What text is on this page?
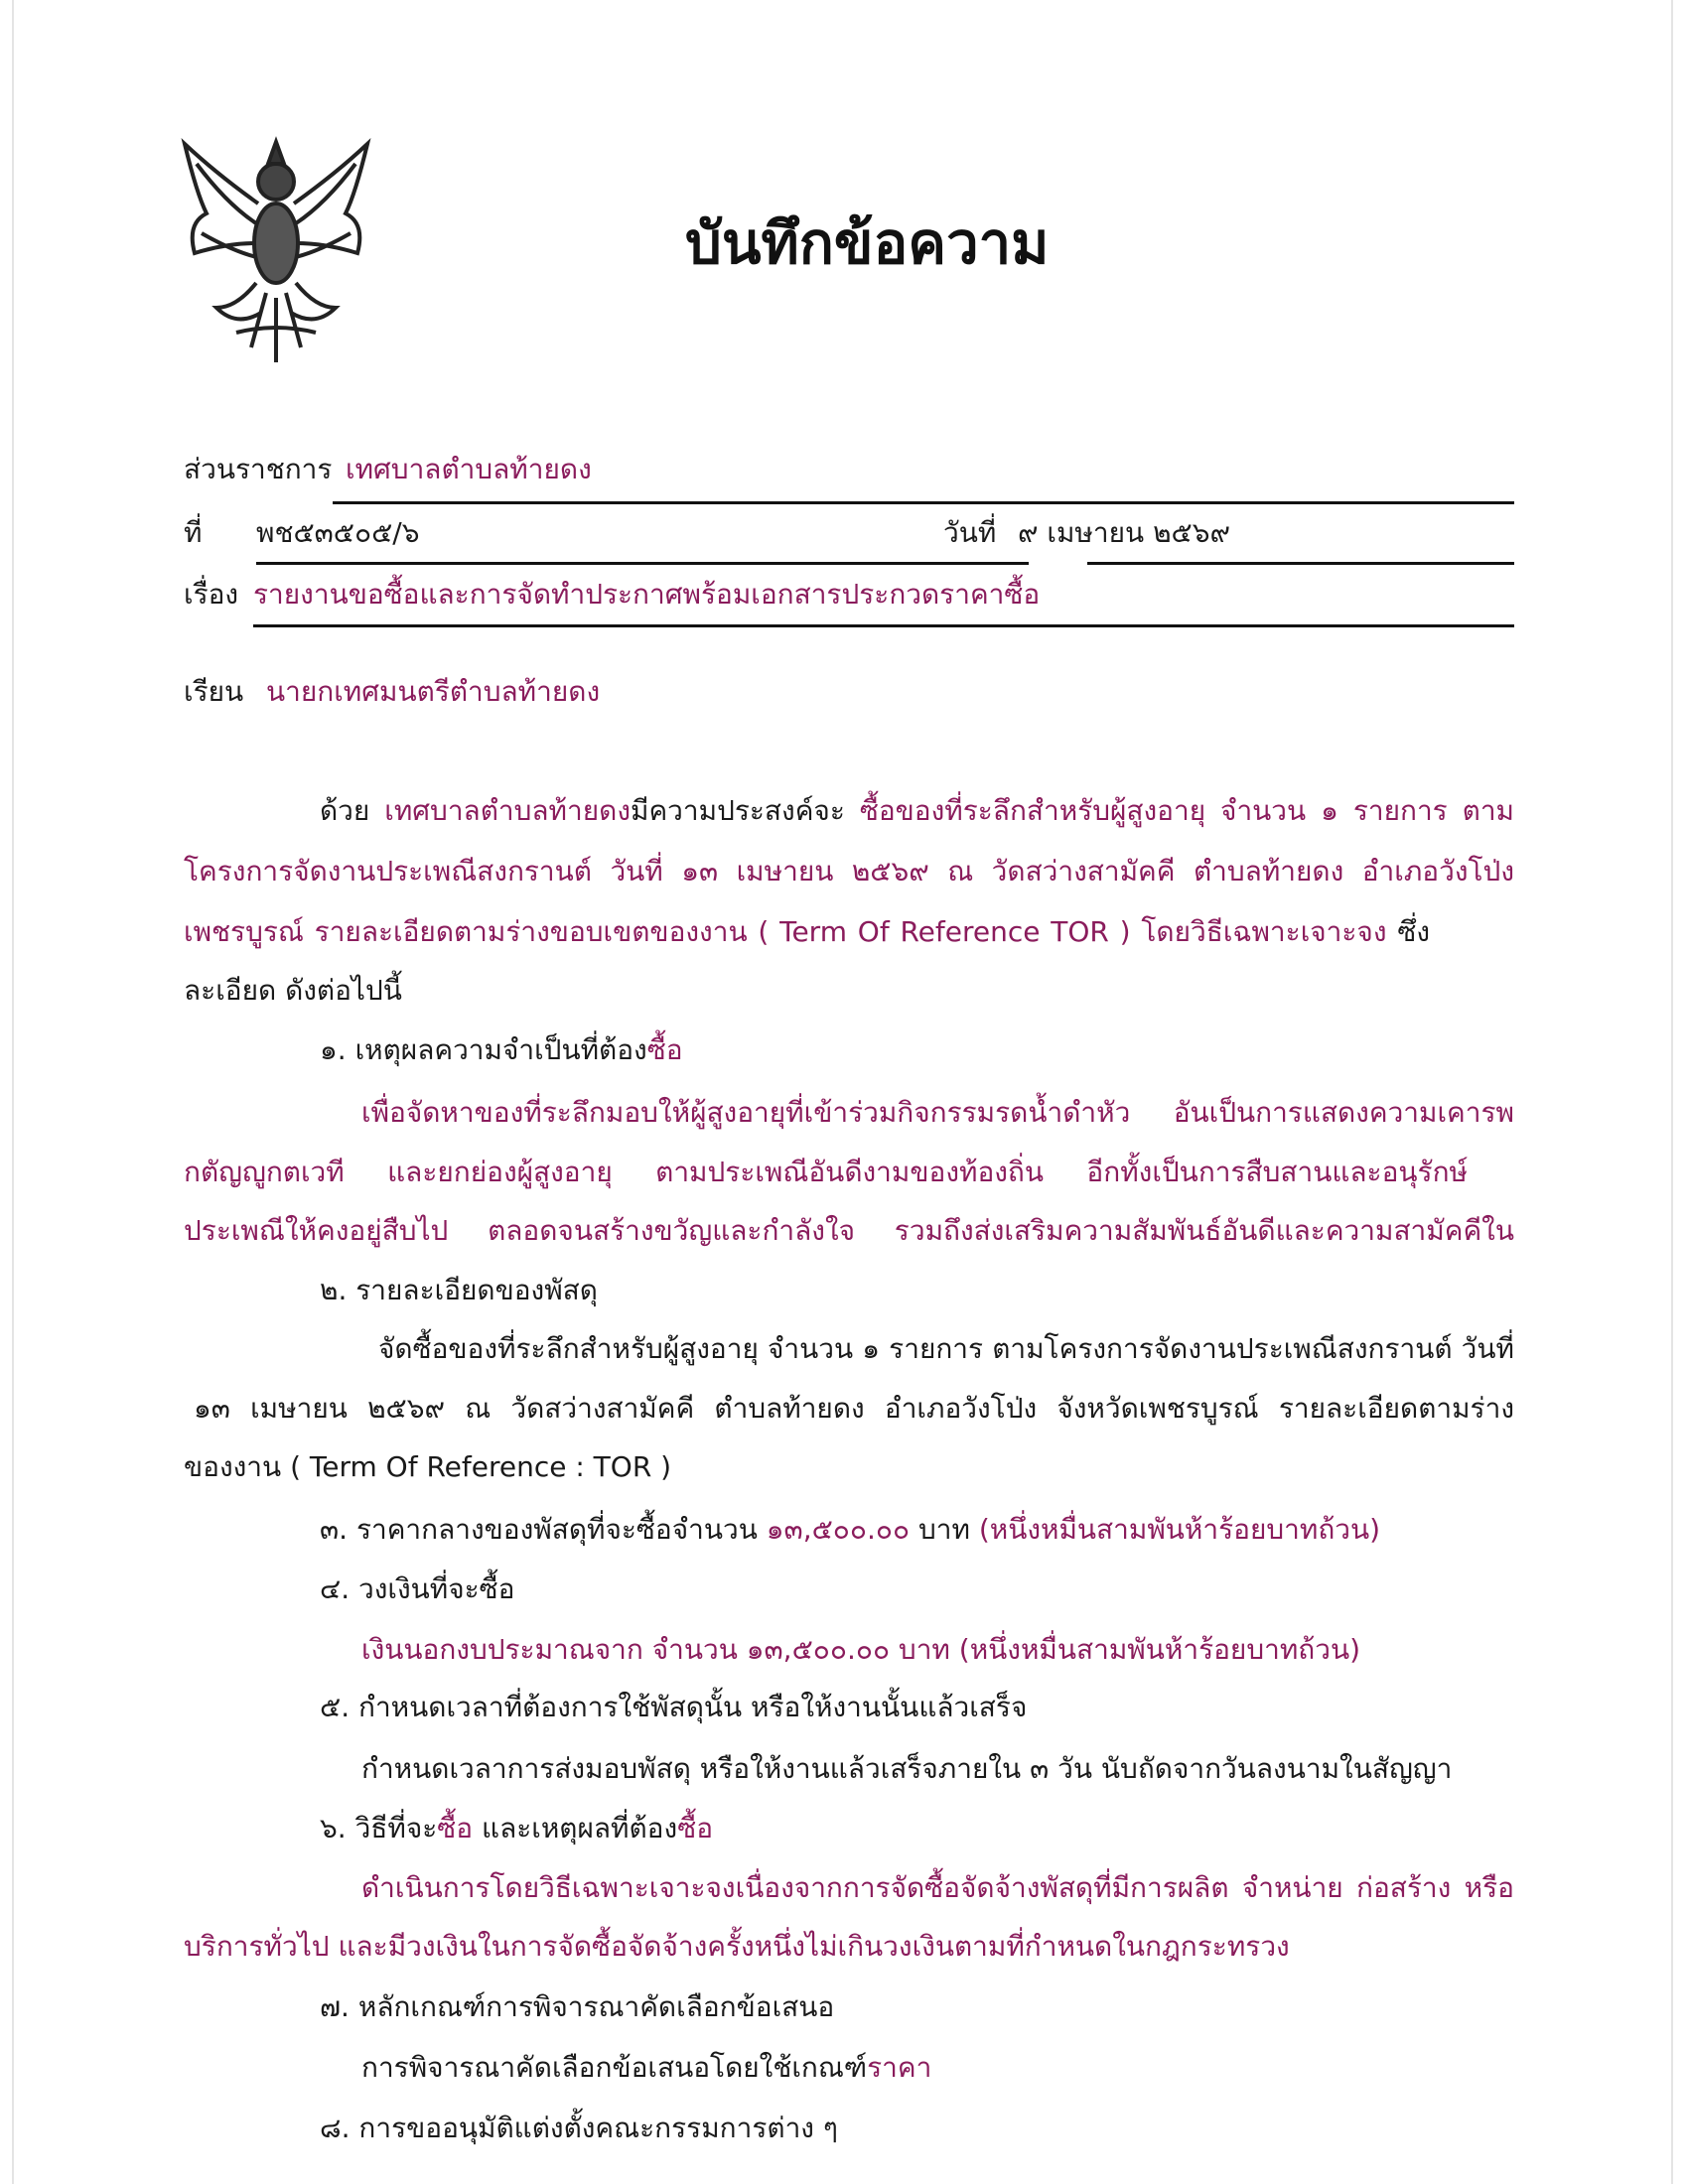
บันทึกข้อความ
ส่วนราชการ เทศบาลตำบลท้ายดง
ที่ พช๕๓๕๐๕/๖	วันที่ ๙ เมษายน ๒๕๖๙
เรื่อง รายงานขอซื้อและการจัดทำประกาศพร้อมเอกสารประกวดราคาซื้อ
เรียน นายกเทศมนตรีตำบลท้ายดง
ด้วย เทศบาลตำบลท้ายดงมีความประสงค์จะ ซื้อของที่ระลึกสำหรับผู้สูงอายุ จำนวน ๑ รายการ ตาม
โครงการจัดงานประเพณีสงกรานต์ วันที่ ๑๓ เมษายน ๒๕๖๙ ณ วัดสว่างสามัคคี ตำบลท้ายดง อำเภอวังโป่ง
เพชรบูรณ์ รายละเอียดตามร่างขอบเขตของงาน ( Term Of Reference TOR ) โดยวิธีเฉพาะเจาะจง ซึ่ง
ละเอียด ดังต่อไปนี้
๑. เหตุผลความจำเป็นที่ต้องซื้อ
เพื่อจัดหาของที่ระลึกมอบให้ผู้สูงอายุที่เข้าร่วมกิจกรรมรดน้ำดำหัว อันเป็นการแสดงความเคารพ
กตัญญูกตเวที และยกย่องผู้สูงอายุ ตามประเพณีอันดีงามของท้องถิ่น อีกทั้งเป็นการสืบสานและอนุรักษ์
ประเพณีให้คงอยู่สืบไป ตลอดจนสร้างขวัญและกำลังใจ รวมถึงส่งเสริมความสัมพันธ์อันดีและความสามัคคีใน
๒. รายละเอียดของพัสดุ
จัดซื้อของที่ระลึกสำหรับผู้สูงอายุ จำนวน ๑ รายการ ตามโครงการจัดงานประเพณีสงกรานต์ วันที่
๑๓ เมษายน ๒๕๖๙ ณ วัดสว่างสามัคคี ตำบลท้ายดง อำเภอวังโป่ง จังหวัดเพชรบูรณ์ รายละเอียดตามร่าง
ของงาน ( Term Of Reference : TOR )
๓. ราคากลางของพัสดุที่จะซื้อจำนวน ๑๓,๕๐๐.๐๐ บาท (หนึ่งหมื่นสามพันห้าร้อยบาทถ้วน)
๔. วงเงินที่จะซื้อ
เงินนอกงบประมาณจาก จำนวน ๑๓,๕๐๐.๐๐ บาท (หนึ่งหมื่นสามพันห้าร้อยบาทถ้วน)
๕. กำหนดเวลาที่ต้องการใช้พัสดุนั้น หรือให้งานนั้นแล้วเสร็จ
กำหนดเวลาการส่งมอบพัสดุ หรือให้งานแล้วเสร็จภายใน ๓ วัน นับถัดจากวันลงนามในสัญญา
๖. วิธีที่จะซื้อ และเหตุผลที่ต้องซื้อ
ดำเนินการโดยวิธีเฉพาะเจาะจงเนื่องจากการจัดซื้อจัดจ้างพัสดุที่มีการผลิต จำหน่าย ก่อสร้าง หรือ
บริการทั่วไป และมีวงเงินในการจัดซื้อจัดจ้างครั้งหนึ่งไม่เกินวงเงินตามที่กำหนดในกฎกระทรวง
๗. หลักเกณฑ์การพิจารณาคัดเลือกข้อเสนอ
การพิจารณาคัดเลือกข้อเสนอโดยใช้เกณฑ์ราคา
๘. การขออนุมัติแต่งตั้งคณะกรรมการต่าง ๆ
